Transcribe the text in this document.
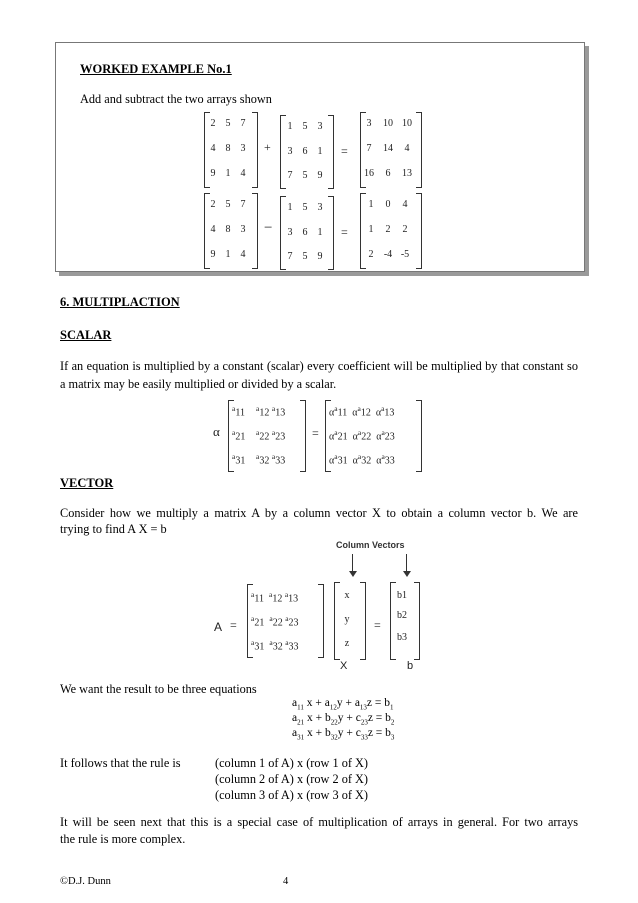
WORKED EXAMPLE No.1
Add and subtract the two arrays shown
2	5	7
4	8	3
9	1	4
+
1	5	3
3	6	1
7	5	9
=
3	10 10
7	14	4
16	6	13
2	5	7
4	8	3
9	1	4
−
1	5	3
3	6	1
7	5	9
=
1	0	4
1	2	2
2	-4 -5
6. MULTIPLACTION
SCALAR
If an equation is multiplied by a constant (scalar) every coefficient will be multiplied by that constant so a matrix may be easily multiplied or divided by a scalar.
α
$^a$11 $^a$12 $^a$13
$^a$21 $^a$22 $^a$23
$^a$31 $^a$32 $^a$33
=
$\alpha^a11$  $\alpha^a12$  $\alpha^a13$
$\alpha^a21$  $\alpha^a22$  $\alpha^a23$
$\alpha^a31$  $\alpha^a32$  $\alpha^a33$
VECTOR
Consider how we multiply a matrix A by a column vector X to obtain a column vector b. We are
trying to find A X = b
Column Vectors
A =
$^a$11  $^a$12 $^a$13
$^a$21  $^a$22 $^a$23
$^a$31  $^a$32 $^a$33
x
y
z
=
b1
b2
b3
X	b
We want the result to be three equations
$a_{11}$ $x + a_{12}y + a_{13}z = b_1$
$a_{21}$ $x + b_{22}y + c_{23}z = b_2$
$a_{31}$ $x + b_{32}y + c_{33}z = b_3$
It follows that the rule is	(column 1 of A) x (row 1 of X)
(column 2 of A) x (row 2 of X)
(column 3 of A) x (row 3 of X)
It will be seen next that this is a special case of multiplication of arrays in general. For two arrays
the rule is more complex.
©D.J. Dunn	4
